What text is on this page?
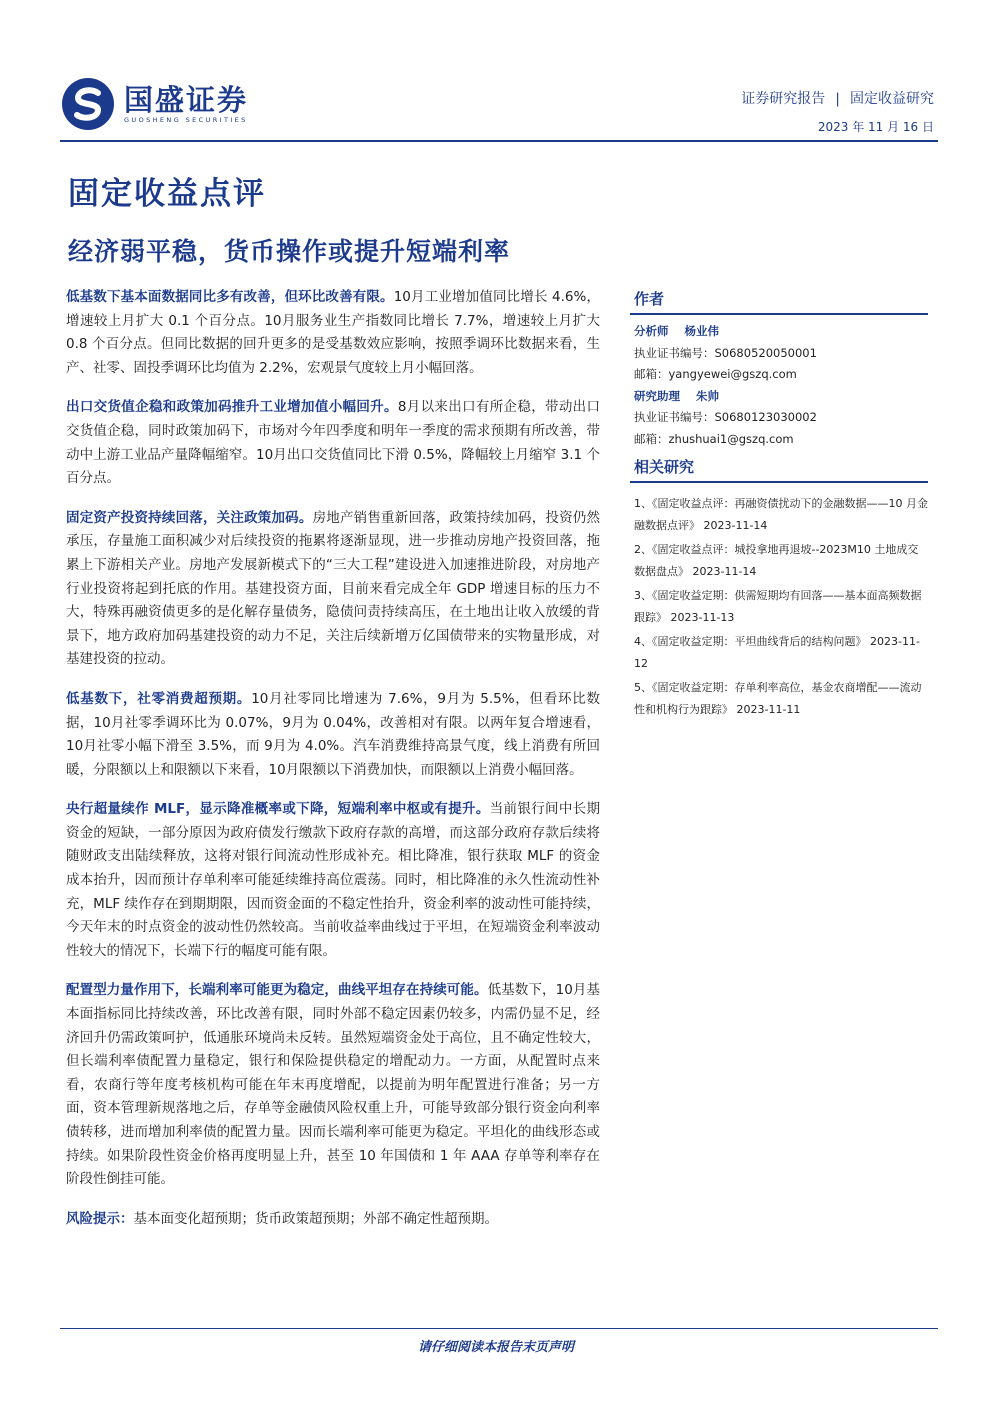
国盛证券
GUOSHENG SECURITIES
证券研究报告 | 固定收益研究
2023 年 11 月 16 日
固定收益点评
经济弱平稳，货币操作或提升短端利率

低基数下基本面数据同比多有改善，但环比改善有限。10月工业增加值同比增长 4.6%，增速较上月扩大 0.1 个百分点。10月服务业生产指数同比增长 7.7%，增速较上月扩大 0.8 个百分点。但同比数据的回升更多的是受基数效应影响，按照季调环比数据来看，生产、社零、固投季调环比均值为 2.2%，宏观景气度较上月小幅回落。

出口交货值企稳和政策加码推升工业增加值小幅回升。8月以来出口有所企稳，带动出口交货值企稳，同时政策加码下，市场对今年四季度和明年一季度的需求预期有所改善，带动中上游工业品产量降幅缩窄。10月出口交货值同比下滑 0.5%，降幅较上月缩窄 3.1 个百分点。

固定资产投资持续回落，关注政策加码。房地产销售重新回落，政策持续加码，投资仍然承压，存量施工面积减少对后续投资的拖累将逐渐显现，进一步推动房地产投资回落，拖累上下游相关产业。房地产发展新模式下的“三大工程”建设进入加速推进阶段，对房地产行业投资将起到托底的作用。基建投资方面，目前来看完成全年 GDP 增速目标的压力不大，特殊再融资债更多的是化解存量债务，隐债问责持续高压，在土地出让收入放缓的背景下，地方政府加码基建投资的动力不足，关注后续新增万亿国债带来的实物量形成，对基建投资的拉动。

低基数下，社零消费超预期。10月社零同比增速为 7.6%，9月为 5.5%，但看环比数据，10月社零季调环比为 0.07%，9月为 0.04%，改善相对有限。以两年复合增速看，10月社零小幅下滑至 3.5%，而 9月为 4.0%。汽车消费维持高景气度，线上消费有所回暖，分限额以上和限额以下来看，10月限额以下消费加快，而限额以上消费小幅回落。

央行超量续作 MLF，显示降准概率或下降，短端利率中枢或有提升。当前银行间中长期资金的短缺，一部分原因为政府债发行缴款下政府存款的高增，而这部分政府存款后续将随财政支出陆续释放，这将对银行间流动性形成补充。相比降准，银行获取 MLF 的资金成本抬升，因而预计存单利率可能延续维持高位震荡。同时，相比降准的永久性流动性补充，MLF 续作存在到期期限，因而资金面的不稳定性抬升，资金利率的波动性可能持续，今天年末的时点资金的波动性仍然较高。当前收益率曲线过于平坦，在短端资金利率波动性较大的情况下，长端下行的幅度可能有限。

配置型力量作用下，长端利率可能更为稳定，曲线平坦存在持续可能。低基数下，10月基本面指标同比持续改善，环比改善有限，同时外部不稳定因素仍较多，内需仍显不足，经济回升仍需政策呵护，低通胀环境尚未反转。虽然短端资金处于高位，且不确定性较大，但长端利率债配置力量稳定，银行和保险提供稳定的增配动力。一方面，从配置时点来看，农商行等年度考核机构可能在年末再度增配，以提前为明年配置进行准备；另一方面，资本管理新规落地之后，存单等金融债风险权重上升，可能导致部分银行资金向利率债转移，进而增加利率债的配置力量。因而长端利率可能更为稳定。平坦化的曲线形态或持续。如果阶段性资金价格再度明显上升，甚至 10 年国债和 1 年 AAA 存单等利率存在阶段性倒挂可能。

风险提示：基本面变化超预期；货币政策超预期；外部不确定性超预期。

作者
分析师 杨业伟
执业证书编号：S0680520050001
邮箱：yangyewei@gszq.com
研究助理 朱帅
执业证书编号：S0680123030002
邮箱：zhushuai1@gszq.com
相关研究
1、《固定收益点评：再融资债扰动下的金融数据——10 月金融数据点评》 2023-11-14
2、《固定收益点评：城投拿地再退坡--2023M10 土地成交数据盘点》 2023-11-14
3、《固定收益定期：供需短期均有回落——基本面高频数据跟踪》 2023-11-13
4、《固定收益定期：平坦曲线背后的结构问题》 2023-11-12
5、《固定收益定期：存单利率高位，基金农商增配——流动性和机构行为跟踪》 2023-11-11
请仔细阅读本报告末页声明
